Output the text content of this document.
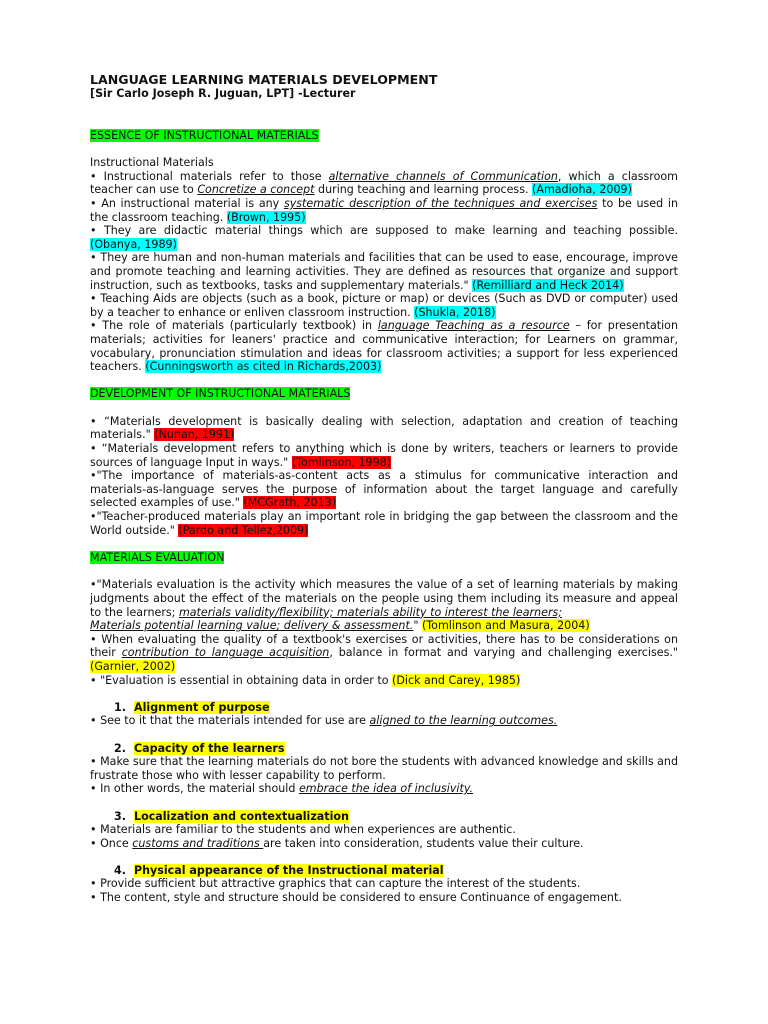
LANGUAGE LEARNING MATERIALS DEVELOPMENT

[Sir Carlo Joseph R. Juguan, LPT] -Lecturer

ESSENCE OF INSTRUCTIONAL MATERIALS

Instructional Materials

• Instructional materials refer to those alternative channels of Communication, which a classroom teacher can use to Concretize a concept during teaching and learning process. (Amadioha, 2009)

• An instructional material is any systematic description of the techniques and exercises to be used in the classroom teaching. (Brown, 1995)

• They are didactic material things which are supposed to make learning and teaching possible. (Obanya, 1989)

• They are human and non-human materials and facilities that can be used to ease, encourage, improve and promote teaching and learning activities. They are defined as resources that organize and support instruction, such as textbooks, tasks and supplementary materials." (Remilliard and Heck 2014)

• Teaching Aids are objects (such as a book, picture or map) or devices (Such as DVD or computer) used by a teacher to enhance or enliven classroom instruction. (Shukla, 2018)

• The role of materials (particularly textbook) in language Teaching as a resource – for presentation materials; activities for leaners' practice and communicative interaction; for Learners on grammar, vocabulary, pronunciation stimulation and ideas for classroom activities; a support for less experienced teachers. (Cunningsworth as cited in Richards,2003)

DEVELOPMENT OF INSTRUCTIONAL MATERIALS

• “Materials development is basically dealing with selection, adaptation and creation of teaching materials." (Nunan, 1991)

• “Materials development refers to anything which is done by writers, teachers or learners to provide sources of language Input in ways." (Tomlinson, 1998)

•"The importance of materials-as-content acts as a stimulus for communicative interaction and materials-as-language serves the purpose of information about the target language and carefully selected examples of use." (MCGrath, 2013)

•"Teacher-produced materials play an important role in bridging the gap between the classroom and the World outside." (Pardo and Tellez,2009)

MATERIALS EVALUATION

•"Materials evaluation is the activity which measures the value of a set of learning materials by making judgments about the effect of the materials on the people using them including its measure and appeal to the learners; materials validity/flexibility; materials ability to interest the learners;
Materials potential learning value; delivery & assessment." (Tomlinson and Masura, 2004)

• When evaluating the quality of a textbook's exercises or activities, there has to be considerations on their contribution to language acquisition, balance in format and varying and challenging exercises." (Garnier, 2002)

• "Evaluation is essential in obtaining data in order to (Dick and Carey, 1985)

1. Alignment of purpose

• See to it that the materials intended for use are aligned to the learning outcomes.

2. Capacity of the learners

• Make sure that the learning materials do not bore the students with advanced knowledge and skills and frustrate those who with lesser capability to perform.

• In other words, the material should embrace the idea of inclusivity.

3. Localization and contextualization

• Materials are familiar to the students and when experiences are authentic.

• Once customs and traditions are taken into consideration, students value their culture.

4. Physical appearance of the Instructional material

• Provide sufficient but attractive graphics that can capture the interest of the students.

• The content, style and structure should be considered to ensure Continuance of engagement.
